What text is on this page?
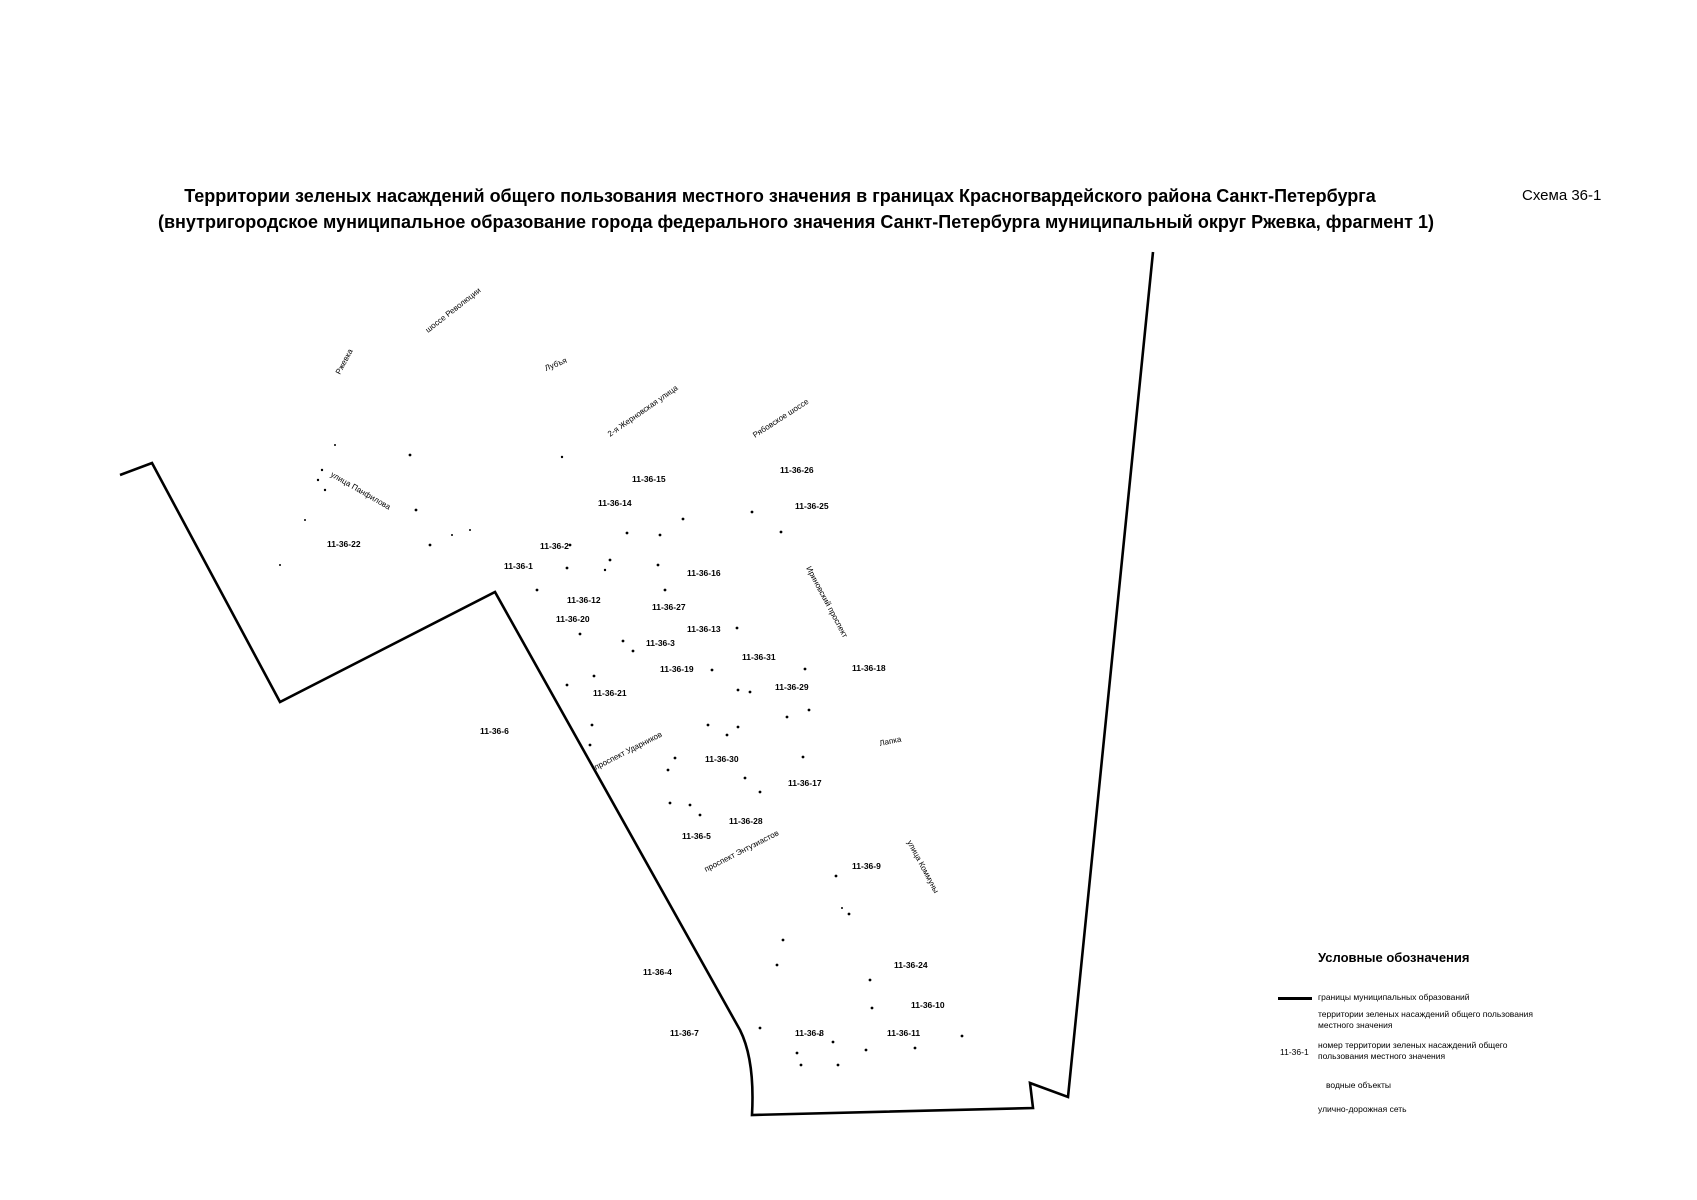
Территории зеленых насаждений общего пользования местного значения в границах Красногвардейского района Санкт-Петербурга
(внутригородское муниципальное образование города федерального значения Санкт-Петербурга муниципальный округ Ржевка, фрагмент 1)
Схема 36-1
11-36-15
11-36-26
11-36-14	11-36-25
11-36-22	11-36-2
11-36-1
11-36-16
11-36-12
11-36-27
11-36-20
11-36-13
11-36-3
11-36-31
11-36-19	11-36-18
11-36-21
11-36-29
11-36-6
11-36-30
11-36-17
11-36-28
11-36-5
11-36-9
11-36-24
11-36-4
11-36-10
11-36-7	11-36-8	11-36-11
шоссе Революции
Ржевка	Лубъя
2-я Жерновская улица	Рябовское шоссе
улица Панфилова
Ириновский проспект
Лапка
проспект Ударников
проспект Энтузиастов	улица Коммуны
Условные обозначения
границы муниципальных образований
территории зеленых насаждений общего пользования местного значения
11-36-1
номер территории зеленых насаждений общего пользования местного значения
водные объекты
улично-дорожная сеть
